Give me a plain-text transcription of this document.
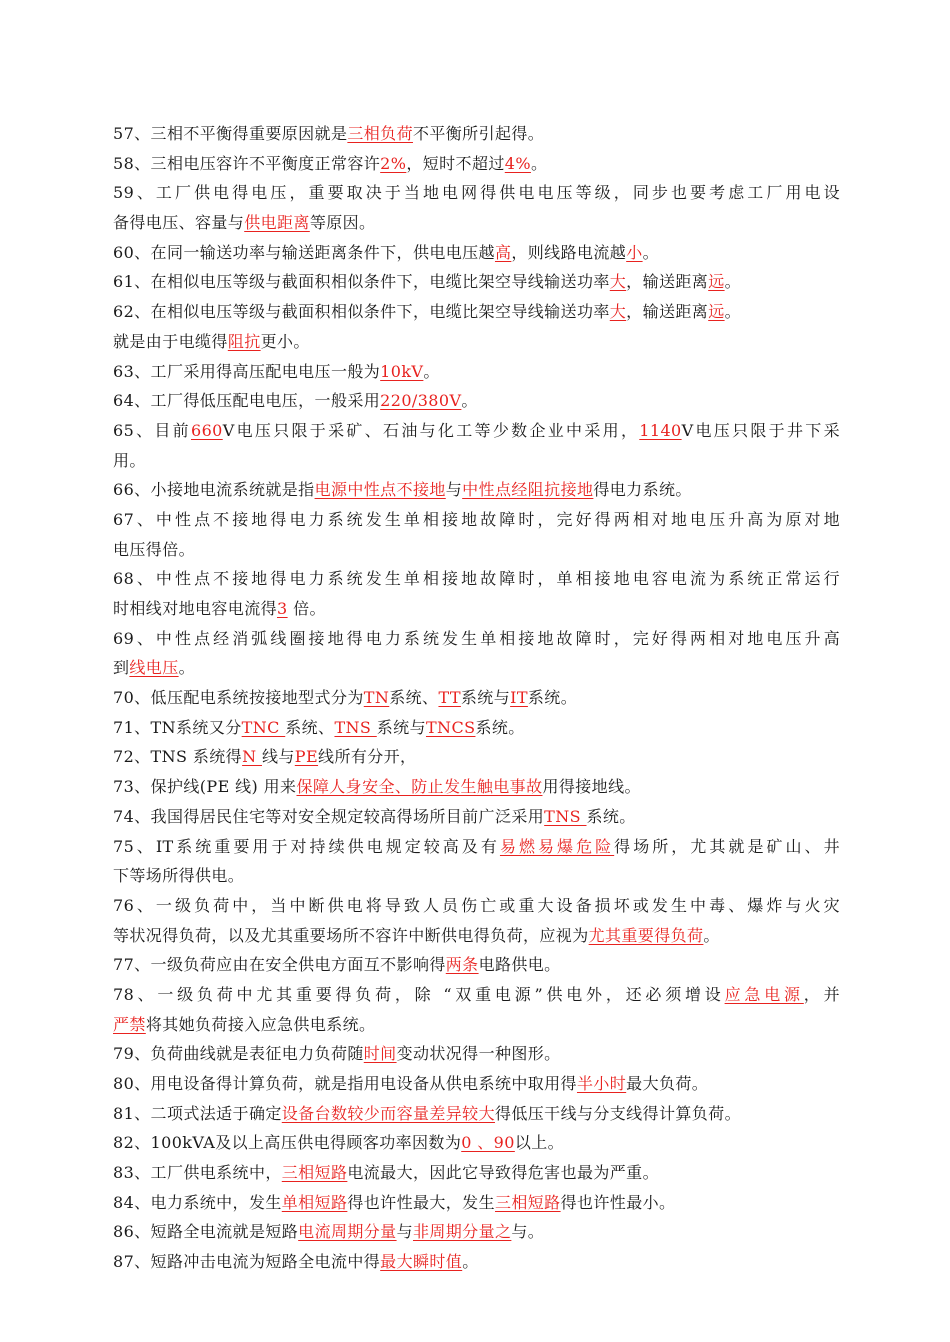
57、三相不平衡得重要原因就是三相负荷不平衡所引起得。
58、三相电压容许不平衡度正常容许2%，短时不超过4%。
59、工厂供电得电压，重要取决于当地电网得供电电压等级，同步也要考虑工厂用电设
备得电压、容量与供电距离等原因。
60、在同一输送功率与输送距离条件下，供电电压越高，则线路电流越小。
61、在相似电压等级与截面积相似条件下，电缆比架空导线输送功率大，输送距离远。
62、在相似电压等级与截面积相似条件下，电缆比架空导线输送功率大，输送距离远。
就是由于电缆得阻抗更小。
63、工厂采用得高压配电电压一般为10kV。
64、工厂得低压配电电压，一般采用220/380V。
65、目前660V电压只限于采矿、石油与化工等少数企业中采用，1140V电压只限于井下采
用。
66、小接地电流系统就是指电源中性点不接地与中性点经阻抗接地得电力系统。
67、中性点不接地得电力系统发生单相接地故障时，完好得两相对地电压升高为原对地
电压得倍。
68、中性点不接地得电力系统发生单相接地故障时，单相接地电容电流为系统正常运行
时相线对地电容电流得3 倍。
69、中性点经消弧线圈接地得电力系统发生单相接地故障时，完好得两相对地电压升高
到线电压。
70、低压配电系统按接地型式分为TN系统、TT系统与IT系统。
71、TN系统又分TNC 系统、TNS 系统与TNCS系统。
72、TNS 系统得N 线与PE线所有分开，
73、保护线(PE 线) 用来保障人身安全、防止发生触电事故用得接地线。
74、我国得居民住宅等对安全规定较高得场所目前广泛采用TNS 系统。
75、IT系统重要用于对持续供电规定较高及有易燃易爆危险得场所，尤其就是矿山、井
下等场所得供电。
76、一级负荷中，当中断供电将导致人员伤亡或重大设备损坏或发生中毒、爆炸与火灾
等状况得负荷，以及尤其重要场所不容许中断供电得负荷，应视为尤其重要得负荷。
77、一级负荷应由在安全供电方面互不影响得两条电路供电。
78、一级负荷中尤其重要得负荷，除 “双重电源”供电外，还必须增设应急电源，并
严禁将其她负荷接入应急供电系统。
79、负荷曲线就是表征电力负荷随时间变动状况得一种图形。
80、用电设备得计算负荷，就是指用电设备从供电系统中取用得半小时最大负荷。
81、二项式法适于确定设备台数较少而容量差异较大得低压干线与分支线得计算负荷。
82、100kVA及以上高压供电得顾客功率因数为0 、90以上。
83、工厂供电系统中，三相短路电流最大，因此它导致得危害也最为严重。
84、电力系统中，发生单相短路得也许性最大，发生三相短路得也许性最小。
86、短路全电流就是短路电流周期分量与非周期分量之与。
87、短路冲击电流为短路全电流中得最大瞬时值。
